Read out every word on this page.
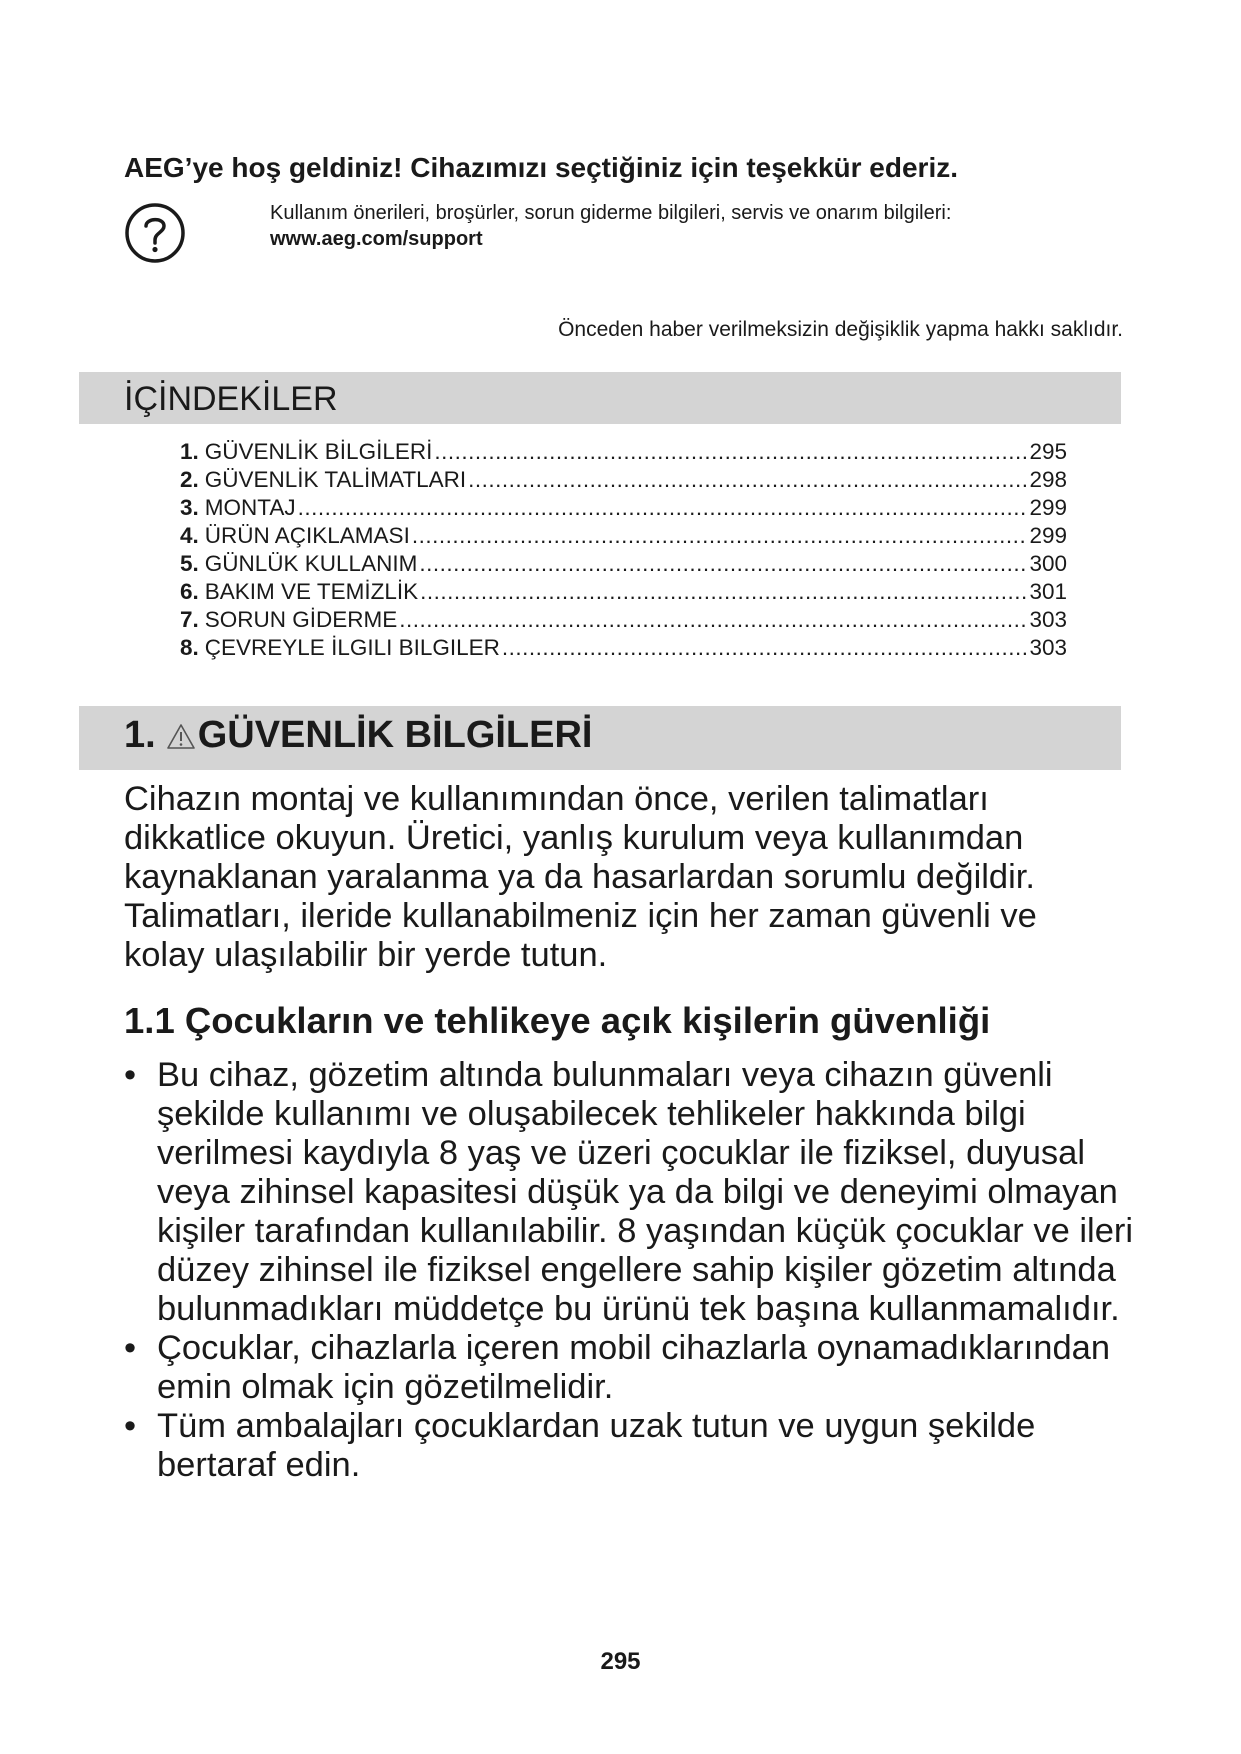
AEG’ye hoş geldiniz! Cihazımızı seçtiğiniz için teşekkür ederiz.
Kullanım önerileri, broşürler, sorun giderme bilgileri, servis ve onarım bilgileri:
www.aeg.com/support

Önceden haber verilmeksizin değişiklik yapma hakkı saklıdır.

İÇİNDEKİLER
1. GÜVENLİK BİLGİLERİ .....	295
2. GÜVENLİK TALİMATLARI .....	298
3. MONTAJ .....	299
4. ÜRÜN AÇIKLAMASI .....	299
5. GÜNLÜK KULLANIM .....	300
6. BAKIM VE TEMİZLİK .....	301
7. SORUN GİDERME .....	303
8. ÇEVREYLE İLGILI BILGILER .....	303
1. GÜVENLİK BİLGİLERİ

Cihazın montaj ve kullanımından önce, verilen talimatları dikkatlice okuyun. Üretici, yanlış kurulum veya kullanımdan kaynaklanan yaralanma ya da hasarlardan sorumlu değildir. Talimatları, ileride kullanabilmeniz için her zaman güvenli ve kolay ulaşılabilir bir yerde tutun.

1.1 Çocukların ve tehlikeye açık kişilerin güvenliği
• Bu cihaz, gözetim altında bulunmaları veya cihazın güvenli şekilde kullanımı ve oluşabilecek tehlikeler hakkında bilgi verilmesi kaydıyla 8 yaş ve üzeri çocuklar ile fiziksel, duyusal veya zihinsel kapasitesi düşük ya da bilgi ve deneyimi olmayan kişiler tarafından kullanılabilir. 8 yaşından küçük çocuklar ve ileri düzey zihinsel ile fiziksel engellere sahip kişiler gözetim altında bulunmadıkları müddetçe bu ürünü tek başına kullanmamalıdır.
• Çocuklar, cihazlarla içeren mobil cihazlarla oynamadıklarından emin olmak için gözetilmelidir.
• Tüm ambalajları çocuklardan uzak tutun ve uygun şekilde bertaraf edin.

295
